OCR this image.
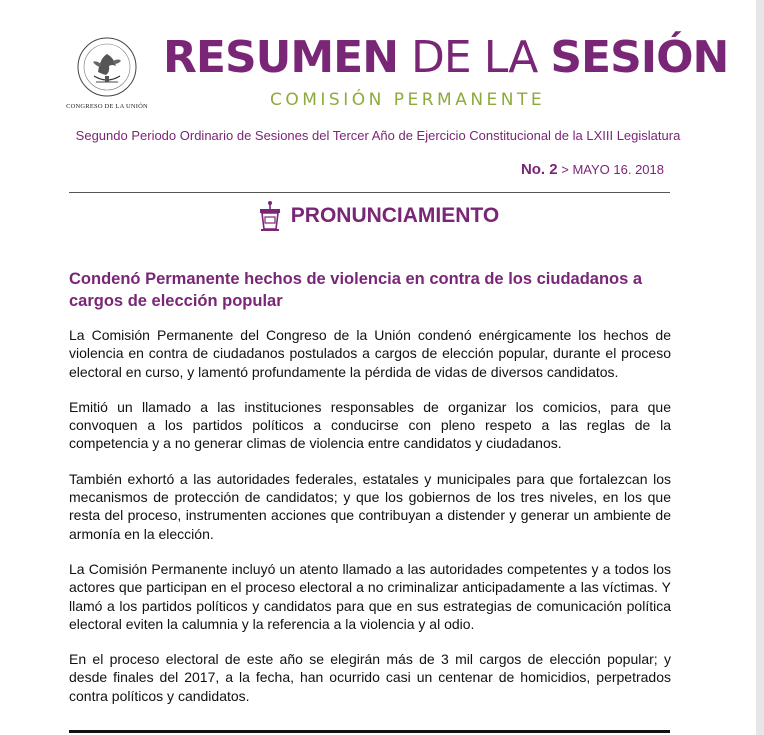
CONGRESO DE LA UNIÓN
RESUMEN DE LA SESIÓN
COMISIÓN PERMANENTE
Segundo Periodo Ordinario de Sesiones del Tercer Año de Ejercicio Constitucional de la LXIII Legislatura
No. 2 > MAYO 16. 2018
PRONUNCIAMIENTO
Condenó Permanente hechos de violencia en contra de los ciudadanos a cargos de elección popular

La Comisión Permanente del Congreso de la Unión condenó enérgicamente los hechos de violencia en contra de ciudadanos postulados a cargos de elección popular, durante el proceso electoral en curso, y lamentó profundamente la pérdida de vidas de diversos candidatos.

Emitió un llamado a las instituciones responsables de organizar los comicios, para que convoquen a los partidos políticos a conducirse con pleno respeto a las reglas de la competencia y a no generar climas de violencia entre candidatos y ciudadanos.

También exhortó a las autoridades federales, estatales y municipales para que fortalezcan los mecanismos de protección de candidatos; y que los gobiernos de los tres niveles, en los que resta del proceso, instrumenten acciones que contribuyan a distender y generar un ambiente de armonía en la elección.

La Comisión Permanente incluyó un atento llamado a las autoridades competentes y a todos los actores que participan en el proceso electoral a no criminalizar anticipadamente a las víctimas. Y llamó a los partidos políticos y candidatos para que en sus estrategias de comunicación política electoral eviten la calumnia y la referencia a la violencia y al odio.

En el proceso electoral de este año se elegirán más de 3 mil cargos de elección popular; y desde finales del 2017, a la fecha, han ocurrido casi un centenar de homicidios, perpetrados contra políticos y candidatos.
